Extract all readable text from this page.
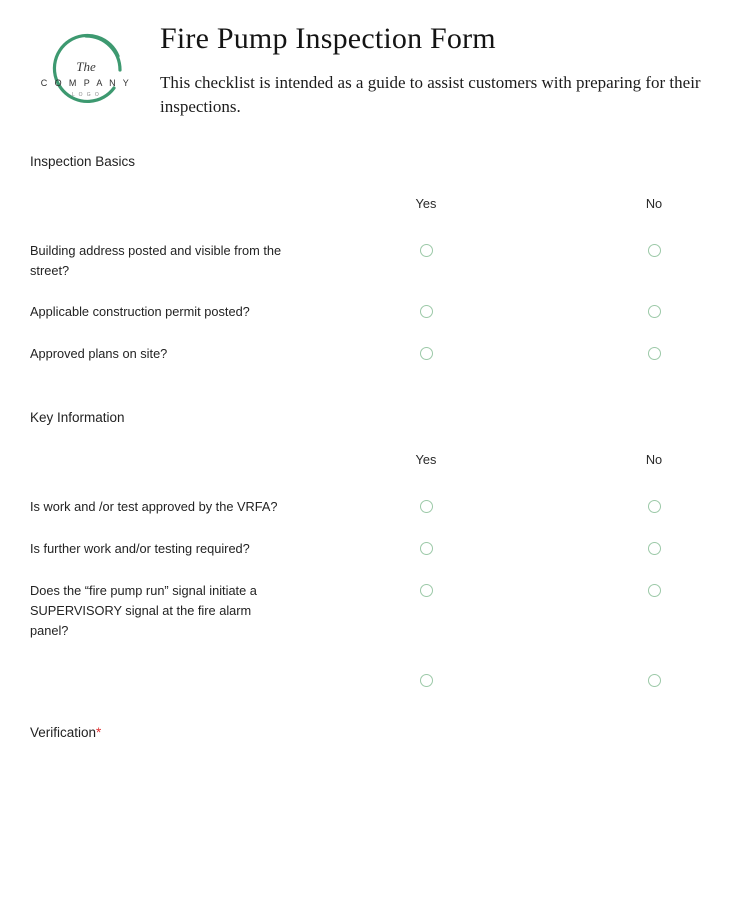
The
C O M P A N Y
L O G O
Fire Pump Inspection Form

This checklist is intended as a guide to assist customers with preparing for their inspections.

Inspection Basics

Yes	No
Building address posted and visible from the street?
Applicable construction permit posted?
Approved plans on site?

Key Information

Yes	No
Is work and /or test approved by the VRFA?
Is further work and/or testing required?
Does the “fire pump run” signal initiate a SUPERVISORY signal at the fire alarm panel?
Verification*
